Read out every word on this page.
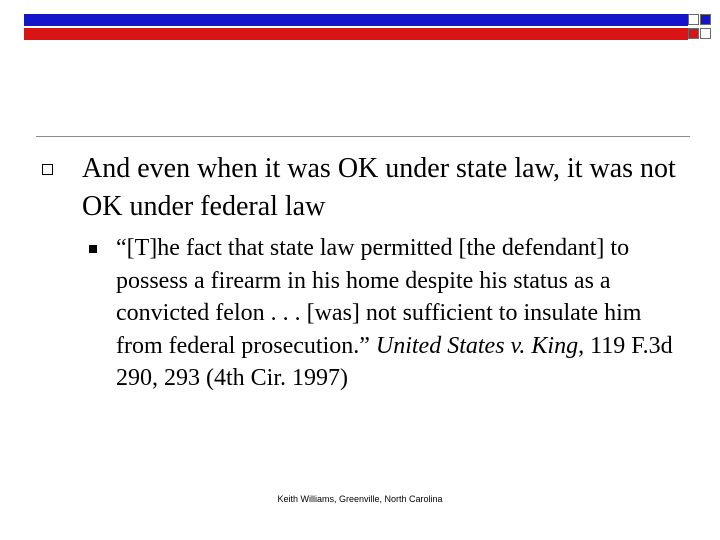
And even when it was OK under state law, it was not OK under federal law
“[T]he fact that state law permitted [the defendant] to possess a firearm in his home despite his status as a convicted felon . . . [was] not sufficient to insulate him from federal prosecution.” United States v. King, 119 F.3d 290, 293 (4th Cir. 1997)
Keith Williams, Greenville, North Carolina
